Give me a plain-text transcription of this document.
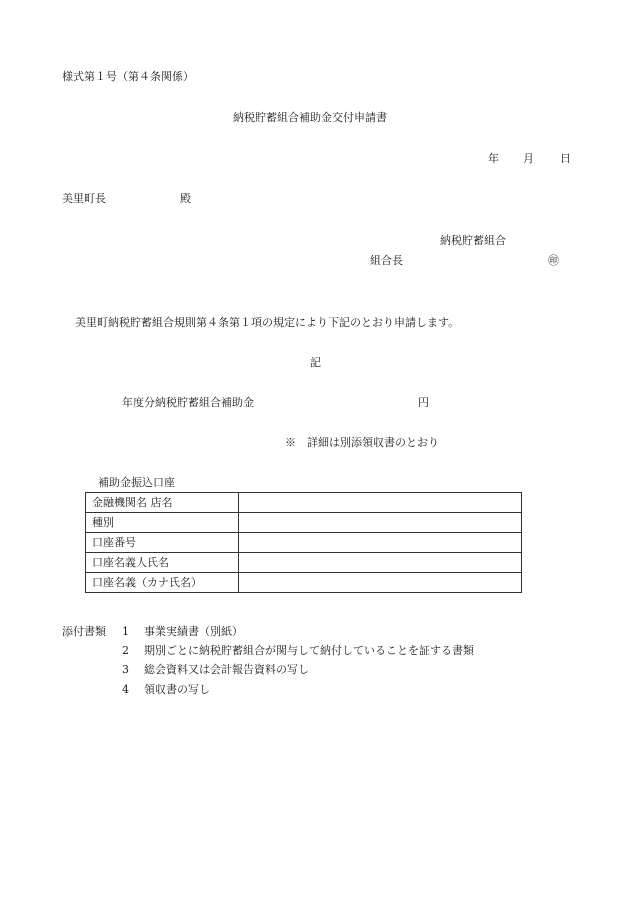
様式第１号（第４条関係）
納税貯蓄組合補助金交付申請書
年 月 日
美里町長	殿
納税貯蓄組合
組合長	㊞
美里町納税貯蓄組合規則第４条第１項の規定により下記のとおり申請します。
記
年度分納税貯蓄組合補助金	円
※　詳細は別添領収書のとおり
補助金振込口座
金融機関名 店名	
種別	
口座番号	
口座名義人氏名	
口座名義（カナ氏名）	
添付書類 1 事業実績書（別紙）
2 期別ごとに納税貯蓄組合が関与して納付していることを証する書類
3 総会資料又は会計報告資料の写し
4 領収書の写し
